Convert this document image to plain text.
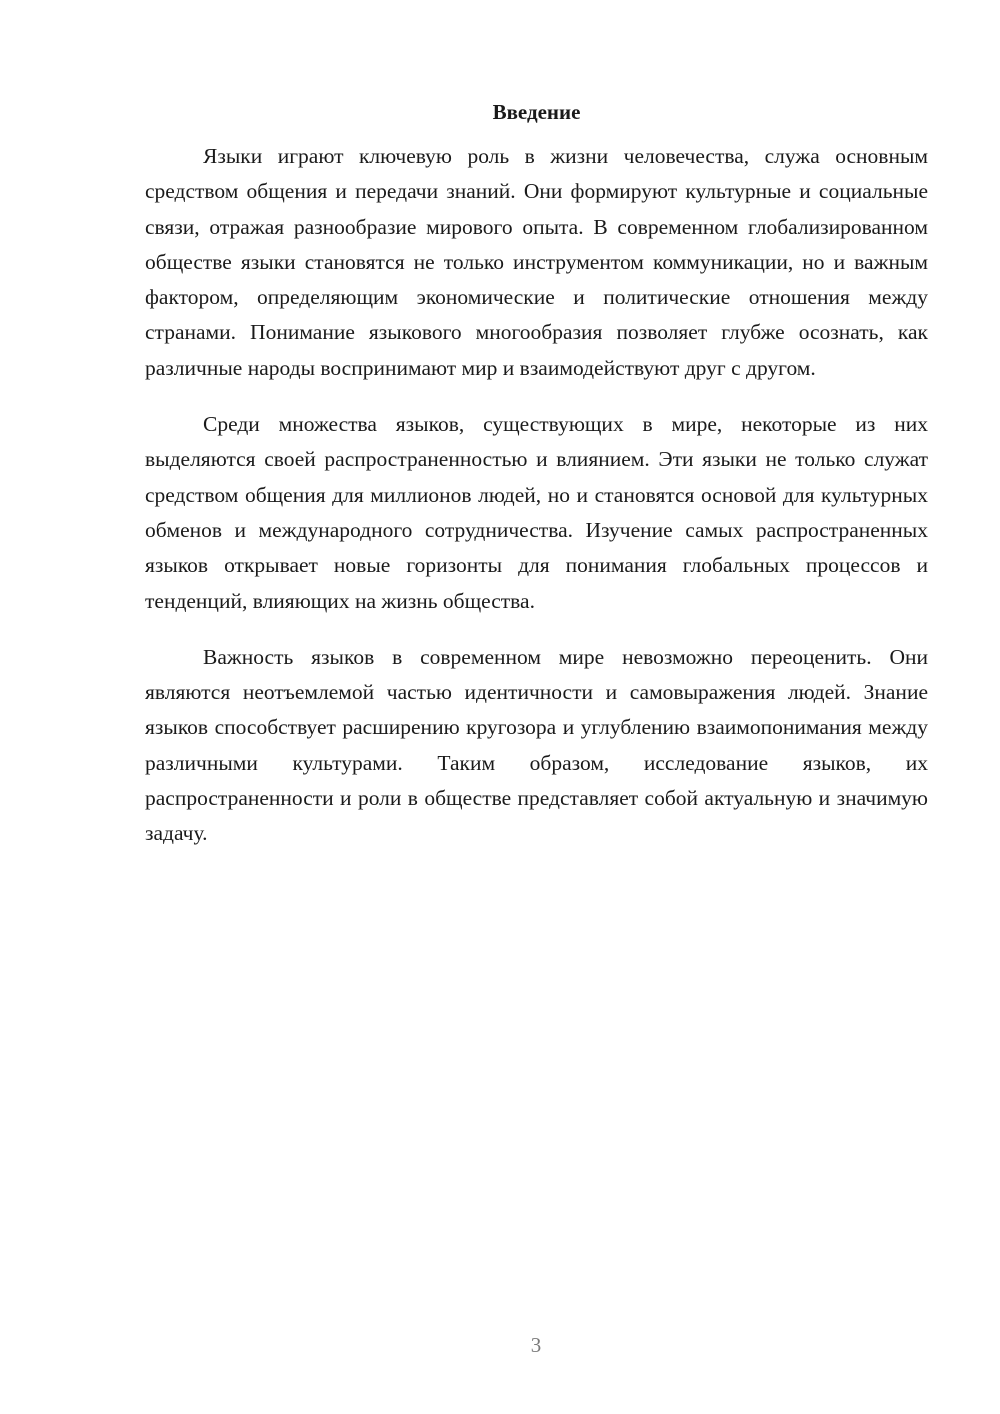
Введение

Языки играют ключевую роль в жизни человечества, служа основным средством общения и передачи знаний. Они формируют культурные и социальные связи, отражая разнообразие мирового опыта. В современном глобализированном обществе языки становятся не только инструментом коммуникации, но и важным фактором, определяющим экономические и политические отношения между странами. Понимание языкового многообразия позволяет глубже осознать, как различные народы воспринимают мир и взаимодействуют друг с другом.

Среди множества языков, существующих в мире, некоторые из них выделяются своей распространенностью и влиянием. Эти языки не только служат средством общения для миллионов людей, но и становятся основой для культурных обменов и международного сотрудничества. Изучение самых распространенных языков открывает новые горизонты для понимания глобальных процессов и тенденций, влияющих на жизнь общества.

Важность языков в современном мире невозможно переоценить. Они являются неотъемлемой частью идентичности и самовыражения людей. Знание языков способствует расширению кругозора и углублению взаимопонимания между различными культурами. Таким образом, исследование языков, их распространенности и роли в обществе представляет собой актуальную и значимую задачу.

3
